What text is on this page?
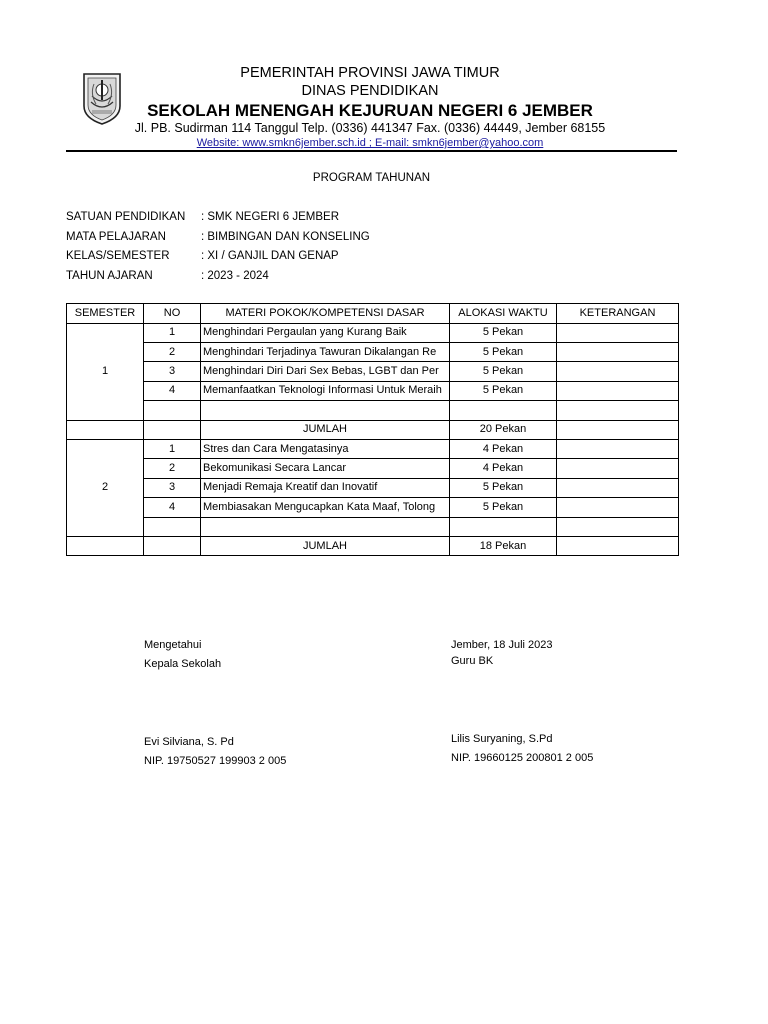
PEMERINTAH PROVINSI JAWA TIMUR
DINAS PENDIDIKAN
SEKOLAH MENENGAH KEJURUAN NEGERI 6 JEMBER
Jl. PB. Sudirman 114 Tanggul Telp. (0336) 441347 Fax. (0336) 44449, Jember 68155
Website: www.smkn6jember.sch.id ; E-mail: smkn6jember@yahoo.com
PROGRAM TAHUNAN
SATUAN PENDIDIKAN : SMK NEGERI 6 JEMBER
MATA PELAJARAN	: BIMBINGAN DAN KONSELING
KELAS/SEMESTER	: XI / GANJIL DAN GENAP
TAHUN AJARAN	: 2023 - 2024
SEMESTER	NO	MATERI POKOK/KOMPETENSI DASAR	ALOKASI WAKTU	KETERANGAN
1	1	Menghindari Pergaulan yang Kurang Baik	5 Pekan	
	2	Menghindari Terjadinya Tawuran Dikalangan Re	5 Pekan	
	3	Menghindari Diri Dari Sex Bebas, LGBT dan Per	5 Pekan	
	4	Memanfaatkan Teknologi Informasi Untuk Meraih	5 Pekan	

		JUMLAH	20 Pekan	
2	1	Stres dan Cara Mengatasinya	4 Pekan	
	2	Bekomunikasi Secara Lancar	4 Pekan	
	3	Menjadi Remaja Kreatif dan Inovatif	5 Pekan	
	4	Membiasakan Mengucapkan Kata Maaf, Tolong	5 Pekan	

		JUMLAH	18 Pekan	
Mengetahui
Kepala Sekolah
Evi Silviana, S. Pd
NIP. 19750527 199903 2 005
Jember, 18 Juli 2023
Guru BK
Lilis Suryaning, S.Pd
NIP. 19660125 200801 2 005
